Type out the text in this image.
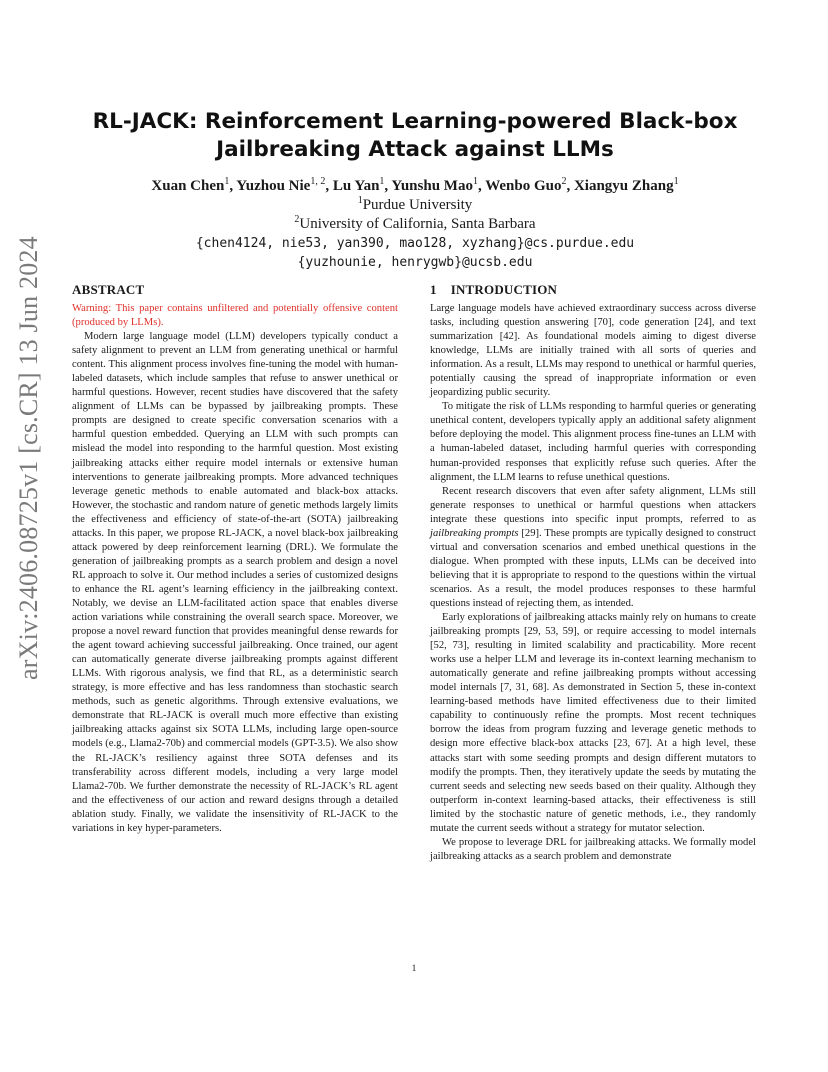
arXiv:2406.08725v1 [cs.CR] 13 Jun 2024
RL-JACK: Reinforcement Learning-powered Black-box
Jailbreaking Attack against LLMs
Xuan Chen$^1$, Yuzhou Nie$^{1, 2}$, Lu Yan$^1$, Yunshu Mao$^1$, Wenbo Guo$^2$, Xiangyu Zhang$^1$
$^1$Purdue University
$^2$University of California, Santa Barbara
{chen4124, nie53, yan390, mao128, xyzhang}@cs.purdue.edu
{yuzhounie, henrygwb}@ucsb.edu
ABSTRACT

Warning: This paper contains unfiltered and potentially offensive content (produced by LLMs).

Modern large language model (LLM) developers typically conduct a safety alignment to prevent an LLM from generating unethical or harmful content. This alignment process involves fine-tuning the model with human-labeled datasets, which include samples that refuse to answer unethical or harmful questions. However, recent studies have discovered that the safety alignment of LLMs can be bypassed by jailbreaking prompts. These prompts are designed to create specific conversation scenarios with a harmful question embedded. Querying an LLM with such prompts can mislead the model into responding to the harmful question. Most existing jailbreaking attacks either require model internals or extensive human interventions to generate jailbreaking prompts. More advanced techniques leverage genetic methods to enable automated and black-box attacks. However, the stochastic and random nature of genetic methods largely limits the effectiveness and efficiency of state-of-the-art (SOTA) jailbreaking attacks. In this paper, we propose RL-JACK, a novel black-box jailbreaking attack powered by deep reinforcement learning (DRL). We formulate the generation of jailbreaking prompts as a search problem and design a novel RL approach to solve it. Our method includes a series of customized designs to enhance the RL agent’s learning efficiency in the jailbreaking context. Notably, we devise an LLM-facilitated action space that enables diverse action variations while constraining the overall search space. Moreover, we propose a novel reward function that provides meaningful dense rewards for the agent toward achieving successful jailbreaking. Once trained, our agent can automatically generate diverse jailbreaking prompts against different LLMs. With rigorous analysis, we find that RL, as a deterministic search strategy, is more effective and has less randomness than stochastic search methods, such as genetic algorithms. Through extensive evaluations, we demonstrate that RL-JACK is overall much more effective than existing jailbreaking attacks against six SOTA LLMs, including large open-source models (e.g., Llama2-70b) and commercial models (GPT-3.5). We also show the RL-JACK’s resiliency against three SOTA defenses and its transferability across different models, including a very large model Llama2-70b. We further demonstrate the necessity of RL-JACK’s RL agent and the effectiveness of our action and reward designs through a detailed ablation study. Finally, we validate the insensitivity of RL-JACK to the variations in key hyper-parameters.

1 INTRODUCTION

Large language models have achieved extraordinary success across diverse tasks, including question answering [70], code generation [24], and text summarization [42]. As foundational models aiming to digest diverse knowledge, LLMs are initially trained with all sorts of queries and information. As a result, LLMs may respond to unethical or harmful queries, potentially causing the spread of inappropriate information or even jeopardizing public security.

To mitigate the risk of LLMs responding to harmful queries or generating unethical content, developers typically apply an additional safety alignment before deploying the model. This alignment process fine-tunes an LLM with a human-labeled dataset, including harmful queries with corresponding human-provided responses that explicitly refuse such queries. After the alignment, the LLM learns to refuse unethical questions.

Recent research discovers that even after safety alignment, LLMs still generate responses to unethical or harmful questions when attackers integrate these questions into specific input prompts, referred to as jailbreaking prompts [29]. These prompts are typically designed to construct virtual and conversation scenarios and embed unethical questions in the dialogue. When prompted with these inputs, LLMs can be deceived into believing that it is appropriate to respond to the questions within the virtual scenarios. As a result, the model produces responses to these harmful questions instead of rejecting them, as intended.

Early explorations of jailbreaking attacks mainly rely on humans to create jailbreaking prompts [29, 53, 59], or require accessing to model internals [52, 73], resulting in limited scalability and practicability. More recent works use a helper LLM and leverage its in-context learning mechanism to automatically generate and refine jailbreaking prompts without accessing model internals [7, 31, 68]. As demonstrated in Section 5, these in-context learning-based methods have limited effectiveness due to their limited capability to continuously refine the prompts. Most recent techniques borrow the ideas from program fuzzing and leverage genetic methods to design more effective black-box attacks [23, 67]. At a high level, these attacks start with some seeding prompts and design different mutators to modify the prompts. Then, they iteratively update the seeds by mutating the current seeds and selecting new seeds based on their quality. Although they outperform in-context learning-based attacks, their effectiveness is still limited by the stochastic nature of genetic methods, i.e., they randomly mutate the current seeds without a strategy for mutator selection.

We propose to leverage DRL for jailbreaking attacks. We formally model jailbreaking attacks as a search problem and demonstrate

1
